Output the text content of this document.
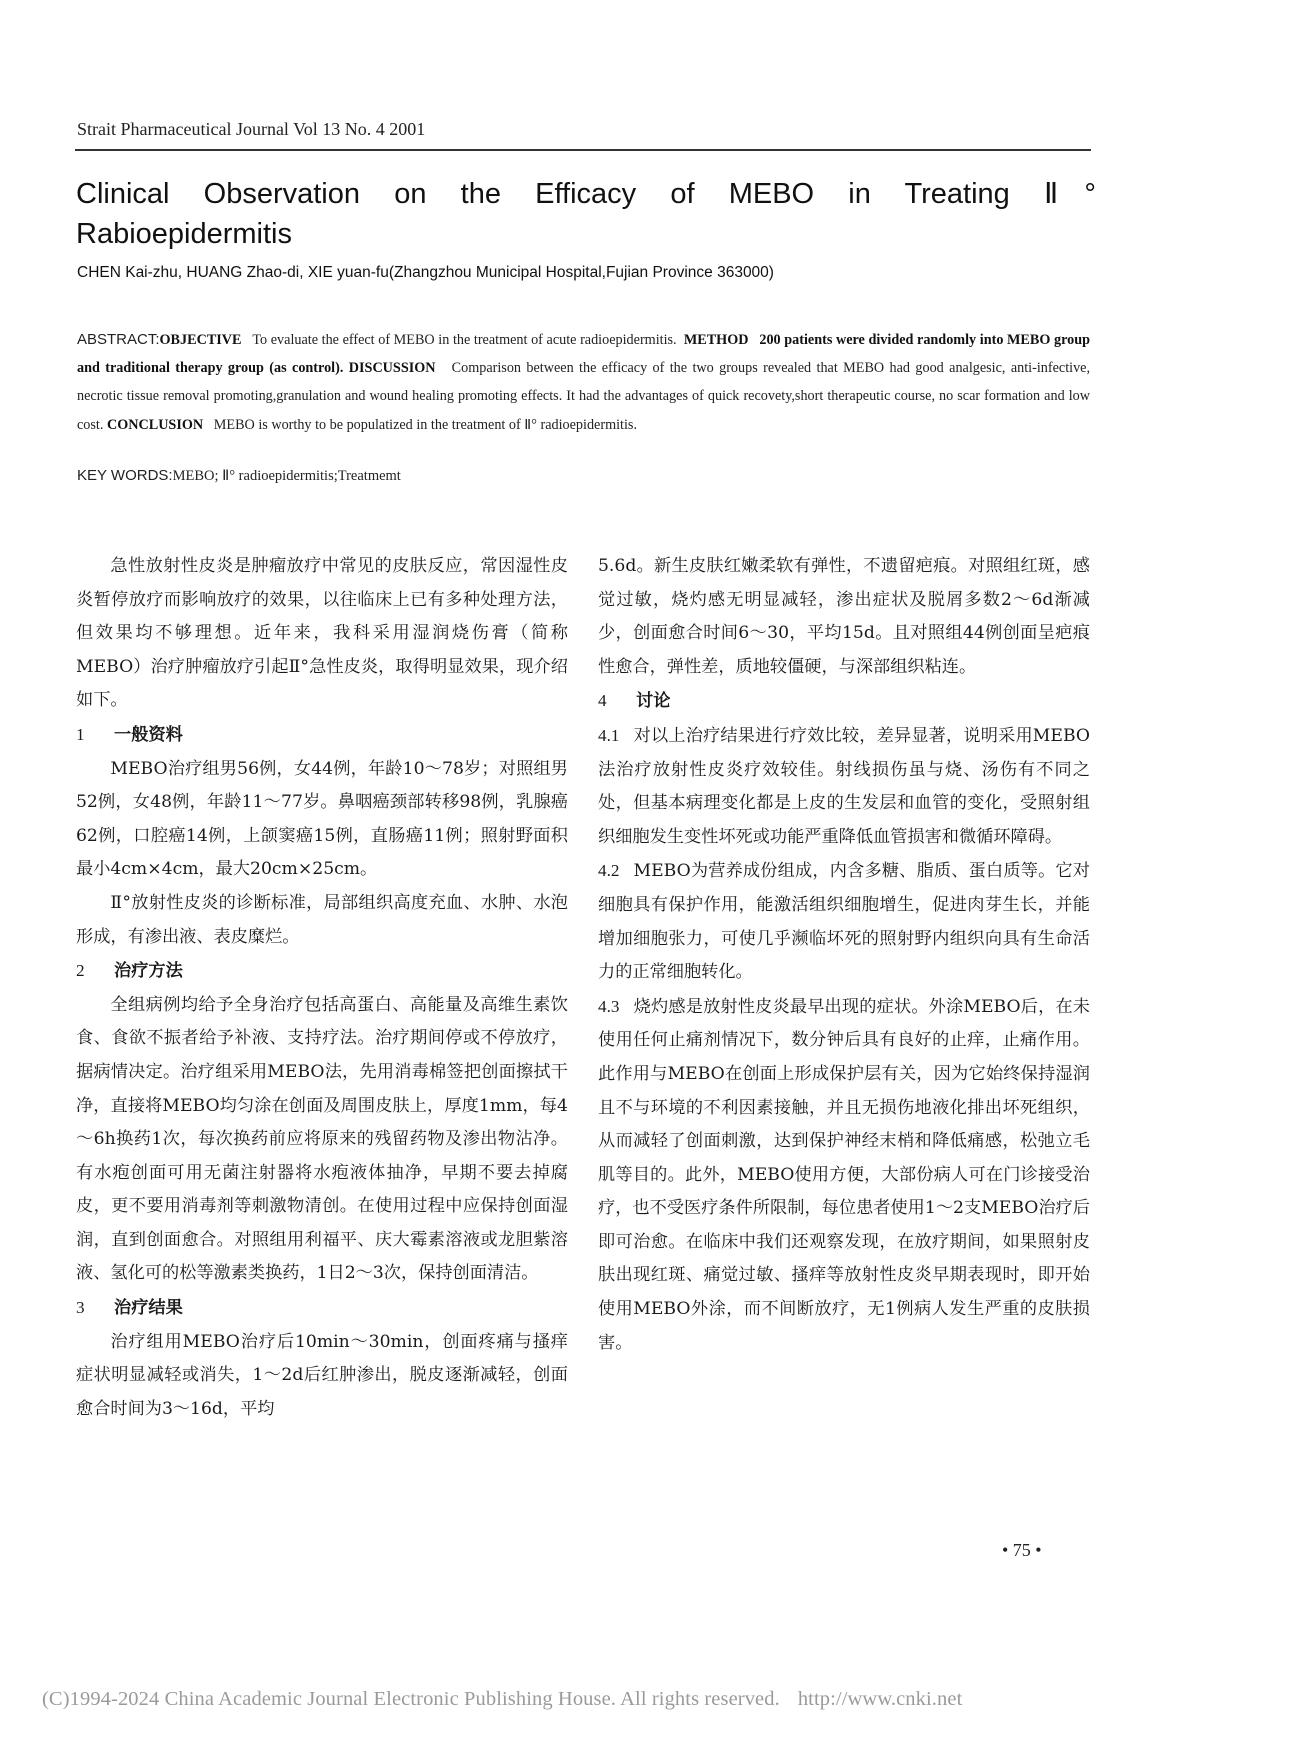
Strait Pharmaceutical Journal Vol 13 No. 4 2001
Clinical Observation on the Efficacy of MEBO in Treating Ⅱ°
Rabioepidermitis
CHEN Kai-zhu, HUANG Zhao-di, XIE yuan-fu(Zhangzhou Municipal Hospital,Fujian Province 363000)

ABSTRACT:OBJECTIVE To evaluate the effect of MEBO in the treatment of acute radioepidermitis. METHOD 200 patients were divided randomly into MEBO group and traditional therapy group (as control). DISCUSSION Comparison between the efficacy of the two groups revealed that MEBO had good analgesic, anti-infective, necrotic tissue removal promoting,granulation and wound healing promoting effects. It had the advantages of quick recovety,short therapeutic course, no scar formation and low cost. CONCLUSION MEBO is worthy to be populatized in the treatment of Ⅱ° radioepidermitis.

KEY WORDS:MEBO; Ⅱ° radioepidermitis;Treatmemt

急性放射性皮炎是肿瘤放疗中常见的皮肤反应，常因湿性皮炎暂停放疗而影响放疗的效果，以往临床上已有多种处理方法，但效果均不够理想。近年来，我科采用湿润烧伤膏（简称MEBO）治疗肿瘤放疗引起Ⅱ°急性皮炎，取得明显效果，现介绍如下。

1 一般资料

MEBO治疗组男56例，女44例，年龄10～78岁；对照组男52例，女48例，年龄11～77岁。鼻咽癌颈部转移98例，乳腺癌62例，口腔癌14例，上颌窦癌15例，直肠癌11例；照射野面积最小4cm×4cm，最大20cm×25cm。

Ⅱ°放射性皮炎的诊断标准，局部组织高度充血、水肿、水泡形成，有渗出液、表皮糜烂。

2 治疗方法

全组病例均给予全身治疗包括高蛋白、高能量及高维生素饮食、食欲不振者给予补液、支持疗法。治疗期间停或不停放疗，据病情决定。治疗组采用MEBO法，先用消毒棉签把创面擦拭干净，直接将MEBO均匀涂在创面及周围皮肤上，厚度1mm，每4～6h换药1次，每次换药前应将原来的残留药物及渗出物沾净。有水疱创面可用无菌注射器将水疱液体抽净，早期不要去掉腐皮，更不要用消毒剂等刺激物清创。在使用过程中应保持创面湿润，直到创面愈合。对照组用利福平、庆大霉素溶液或龙胆紫溶液、氢化可的松等激素类换药，1日2～3次，保持创面清洁。

3 治疗结果

治疗组用MEBO治疗后10min～30min，创面疼痛与搔痒症状明显减轻或消失，1～2d后红肿渗出，脱皮逐渐减轻，创面愈合时间为3～16d，平均

5.6d。新生皮肤红嫩柔软有弹性，不遗留疤痕。对照组红斑，感觉过敏，烧灼感无明显减轻，渗出症状及脱屑多数2～6d渐减少，创面愈合时间6～30，平均15d。且对照组44例创面呈疤痕性愈合，弹性差，质地较僵硬，与深部组织粘连。

4 讨论

4.1 对以上治疗结果进行疗效比较，差异显著，说明采用MEBO法治疗放射性皮炎疗效较佳。射线损伤虽与烧、汤伤有不同之处，但基本病理变化都是上皮的生发层和血管的变化，受照射组织细胞发生变性坏死或功能严重降低血管损害和微循环障碍。

4.2 MEBO为营养成份组成，内含多糖、脂质、蛋白质等。它对细胞具有保护作用，能激活组织细胞增生，促进肉芽生长，并能增加细胞张力，可使几乎濒临坏死的照射野内组织向具有生命活力的正常细胞转化。

4.3 烧灼感是放射性皮炎最早出现的症状。外涂MEBO后，在未使用任何止痛剂情况下，数分钟后具有良好的止痒，止痛作用。此作用与MEBO在创面上形成保护层有关，因为它始终保持湿润且不与环境的不利因素接触，并且无损伤地液化排出坏死组织，从而减轻了创面刺激，达到保护神经末梢和降低痛感，松弛立毛肌等目的。此外，MEBO使用方便，大部份病人可在门诊接受治疗，也不受医疗条件所限制，每位患者使用1～2支MEBO治疗后即可治愈。在临床中我们还观察发现，在放疗期间，如果照射皮肤出现红斑、痛觉过敏、搔痒等放射性皮炎早期表现时，即开始使用MEBO外涂，而不间断放疗，无1例病人发生严重的皮肤损害。

• 75 •
(C)1994-2024 China Academic Journal Electronic Publishing House. All rights reserved. http://www.cnki.net
